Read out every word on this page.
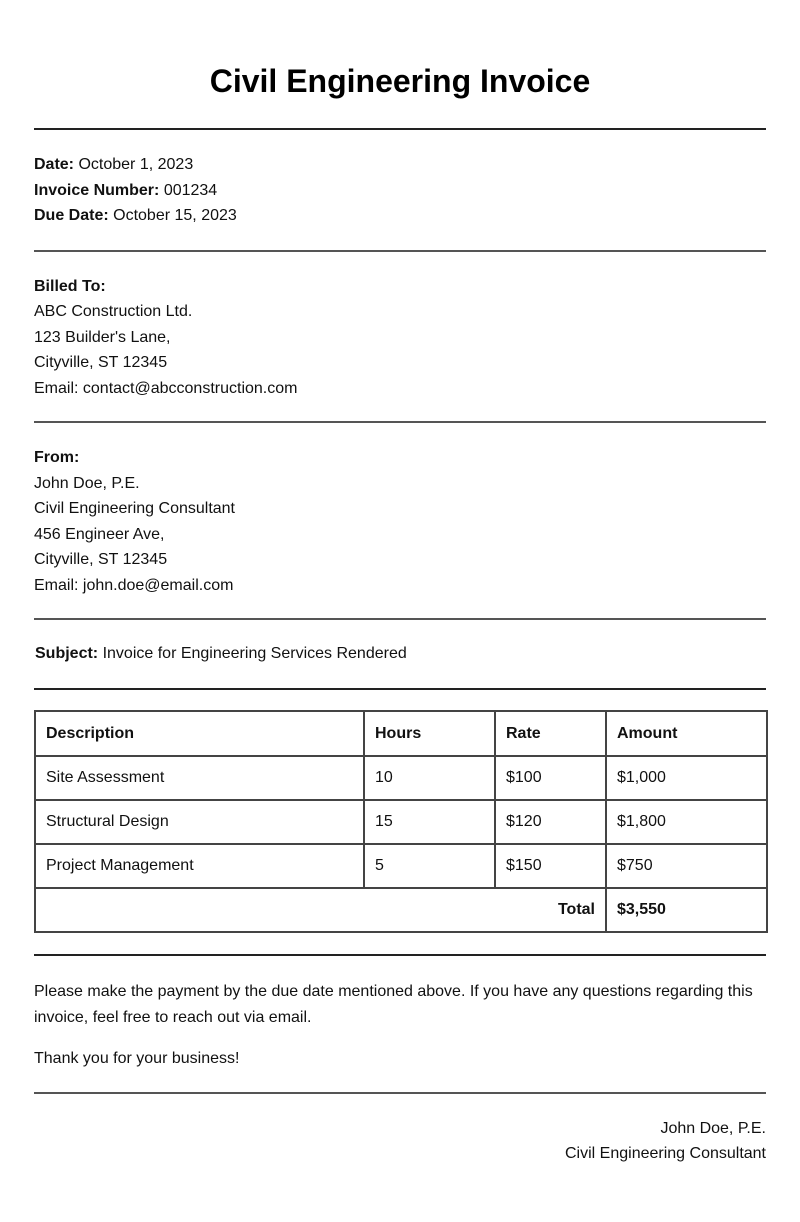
Civil Engineering Invoice
Date: October 1, 2023
Invoice Number: 001234
Due Date: October 15, 2023
Billed To:
ABC Construction Ltd.
123 Builder's Lane,
Cityville, ST 12345
Email: contact@abcconstruction.com
From:
John Doe, P.E.
Civil Engineering Consultant
456 Engineer Ave,
Cityville, ST 12345
Email: john.doe@email.com
Subject: Invoice for Engineering Services Rendered
Description	Hours	Rate	Amount
Site Assessment	10	$100	$1,000
Structural Design	15	$120	$1,800
Project Management	5	$150	$750
Total			$3,550

Please make the payment by the due date mentioned above. If you have any questions regarding this invoice, feel free to reach out via email.

Thank you for your business!

John Doe, P.E.
Civil Engineering Consultant
